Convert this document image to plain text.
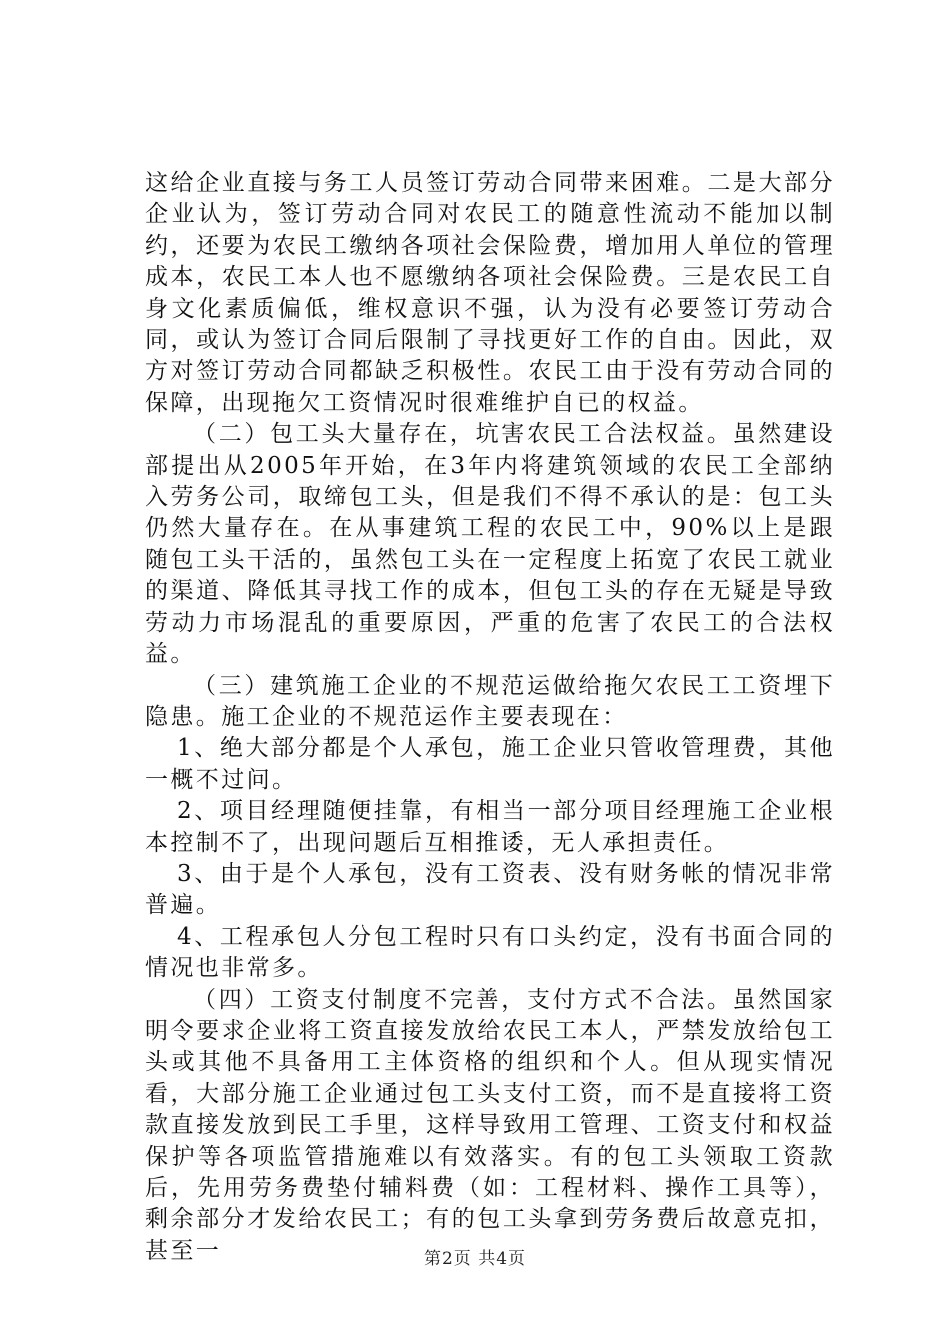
这给企业直接与务工人员签订劳动合同带来困难。二是大部分企业认为，签订劳动合同对农民工的随意性流动不能加以制约，还要为农民工缴纳各项社会保险费，增加用人单位的管理成本，农民工本人也不愿缴纳各项社会保险费。三是农民工自身文化素质偏低，维权意识不强，认为没有必要签订劳动合同，或认为签订合同后限制了寻找更好工作的自由。因此，双方对签订劳动合同都缺乏积极性。农民工由于没有劳动合同的保障，出现拖欠工资情况时很难维护自已的权益。

（二）包工头大量存在，坑害农民工合法权益。虽然建设部提出从2005年开始，在3年内将建筑领域的农民工全部纳入劳务公司，取缔包工头，但是我们不得不承认的是：包工头仍然大量存在。在从事建筑工程的农民工中，90%以上是跟随包工头干活的，虽然包工头在一定程度上拓宽了农民工就业的渠道、降低其寻找工作的成本，但包工头的存在无疑是导致劳动力市场混乱的重要原因，严重的危害了农民工的合法权益。

（三）建筑施工企业的不规范运做给拖欠农民工工资埋下隐患。施工企业的不规范运作主要表现在：

1、绝大部分都是个人承包，施工企业只管收管理费，其他一概不过问。

2、项目经理随便挂靠，有相当一部分项目经理施工企业根本控制不了，出现问题后互相推诿，无人承担责任。

3、由于是个人承包，没有工资表、没有财务帐的情况非常普遍。

4、工程承包人分包工程时只有口头约定，没有书面合同的情况也非常多。

（四）工资支付制度不完善，支付方式不合法。虽然国家明令要求企业将工资直接发放给农民工本人，严禁发放给包工头或其他不具备用工主体资格的组织和个人。但从现实情况看，大部分施工企业通过包工头支付工资，而不是直接将工资款直接发放到民工手里，这样导致用工管理、工资支付和权益保护等各项监管措施难以有效落实。有的包工头领取工资款后，先用劳务费垫付辅料费（如：工程材料、操作工具等），剩余部分才发给农民工；有的包工头拿到劳务费后故意克扣，甚至一	第2页 共4页
